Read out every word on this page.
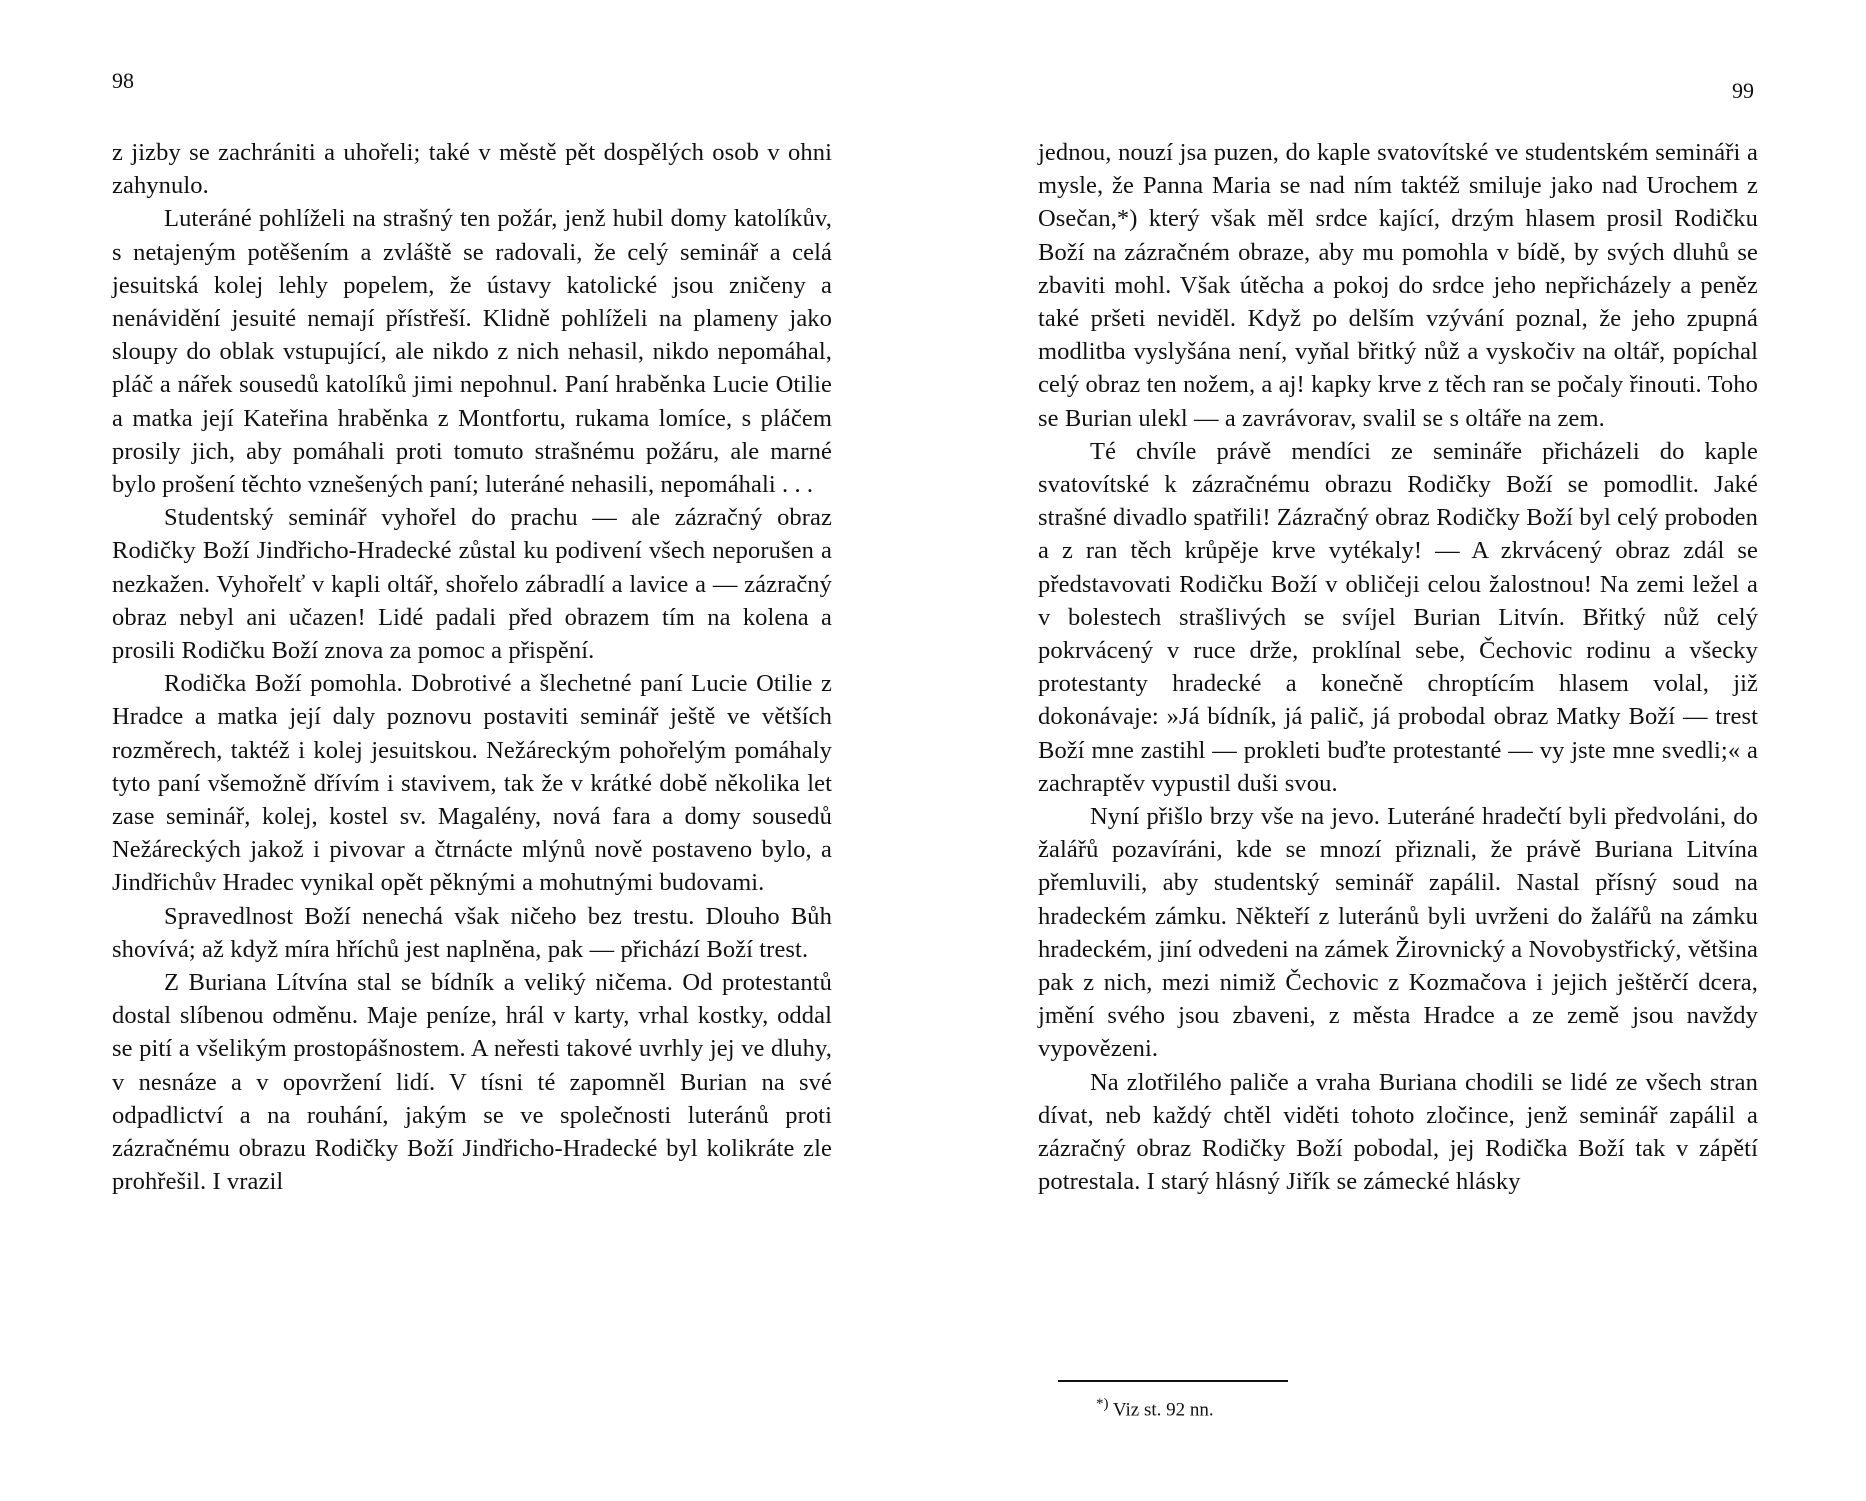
98	99

z jizby se zachrániti a uhořeli; také v městě pět dospělých osob v ohni zahynulo.

Luteráné pohlíželi na strašný ten požár, jenž hubil domy katolíkův, s netajeným potěšením a zvláště se radovali, že celý seminář a celá jesuitská kolej lehly popelem, že ústavy katolické jsou zničeny a nenávidění jesuité nemají přístřeší. Klidně pohlíželi na plameny jako sloupy do oblak vstupující, ale nikdo z nich nehasil, nikdo nepomáhal, pláč a nářek sousedů katolíků jimi nepohnul. Paní hraběnka Lucie Otilie a matka její Kateřina hraběnka z Montfortu, rukama lomíce, s pláčem prosily jich, aby pomáhali proti tomuto strašnému požáru, ale marné bylo prošení těchto vznešených paní; luteráné nehasili, nepomáhali . . .

Studentský seminář vyhořel do prachu — ale zázračný obraz Rodičky Boží Jindřicho-Hradecké zůstal ku podivení všech neporušen a nezkažen. Vyhořelť v kapli oltář, shořelo zábradlí a lavice a — zázračný obraz nebyl ani učazen! Lidé padali před obrazem tím na kolena a prosili Rodičku Boží znova za pomoc a přispění.

Rodička Boží pomohla. Dobrotivé a šlechetné paní Lucie Otilie z Hradce a matka její daly poznovu postaviti seminář ještě ve větších rozměrech, taktéž i kolej jesuitskou. Nežáreckým pohořelým pomáhaly tyto paní všemožně dřívím i stavivem, tak že v krátké době několika let zase seminář, kolej, kostel sv. Magalény, nová fara a domy sousedů Nežáreckých jakož i pivovar a čtrnácte mlýnů nově postaveno bylo, a Jindřichův Hradec vynikal opět pěknými a mohutnými budovami.

Spravedlnost Boží nenechá však ničeho bez trestu. Dlouho Bůh shovívá; až když míra hříchů jest naplněna, pak — přichází Boží trest.

Z Buriana Lítvína stal se bídník a veliký ničema. Od protestantů dostal slíbenou odměnu. Maje peníze, hrál v karty, vrhal kostky, oddal se pití a všelikým prostopášnostem. A neřesti takové uvrhly jej ve dluhy, v nesnáze a v opovržení lidí. V tísni té zapomněl Burian na své odpadlictví a na rouhání, jakým se ve společnosti luteránů proti zázračnému obrazu Rodičky Boží Jindřicho-Hradecké byl kolikráte zle prohřešil. I vrazil

jednou, nouzí jsa puzen, do kaple svatovítské ve studentském semináři a mysle, že Panna Maria se nad ním taktéž smiluje jako nad Urochem z Osečan,*) který však měl srdce kající, drzým hlasem prosil Rodičku Boží na zázračném obraze, aby mu pomohla v bídě, by svých dluhů se zbaviti mohl. Však útěcha a pokoj do srdce jeho nepřicházely a peněz také pršeti neviděl. Když po delším vzývání poznal, že jeho zpupná modlitba vyslyšána není, vyňal břitký nůž a vyskočiv na oltář, popíchal celý obraz ten nožem, a aj! kapky krve z těch ran se počaly řinouti. Toho se Burian ulekl — a zavrávorav, svalil se s oltáře na zem.

Té chvíle právě mendíci ze semináře přicházeli do kaple svatovítské k zázračnému obrazu Rodičky Boží se pomodlit. Jaké strašné divadlo spatřili! Zázračný obraz Rodičky Boží byl celý proboden a z ran těch krůpěje krve vytékaly! — A zkrvácený obraz zdál se představovati Rodičku Boží v obličeji celou žalostnou! Na zemi ležel a v bolestech strašlivých se svíjel Burian Litvín. Břitký nůž celý pokrvácený v ruce drže, proklínal sebe, Čechovic rodinu a všecky protestanty hradecké a konečně chroptícím hlasem volal, již dokonávaje: »Já bídník, já palič, já probodal obraz Matky Boží — trest Boží mne zastihl — prokleti buďte protestanté — vy jste mne svedli;« a zachraptěv vypustil duši svou.

Nyní přišlo brzy vše na jevo. Luteráné hradečtí byli předvoláni, do žalářů pozavíráni, kde se mnozí přiznali, že právě Buriana Litvína přemluvili, aby studentský seminář zapálil. Nastal přísný soud na hradeckém zámku. Někteří z luteránů byli uvrženi do žalářů na zámku hradeckém, jiní odvedeni na zámek Žirovnický a Novobystřický, většina pak z nich, mezi nimiž Čechovic z Kozmačova i jejich ještěrčí dcera, jmění svého jsou zbaveni, z města Hradce a ze země jsou navždy vypovězeni.

Na zlotřilého paliče a vraha Buriana chodili se lidé ze všech stran dívat, neb každý chtěl viděti tohoto zločince, jenž seminář zapálil a zázračný obraz Rodičky Boží pobodal, jej Rodička Boží tak v zápětí potrestala. I starý hlásný Jiřík se zámecké hlásky

*) Viz st. 92 nn.
